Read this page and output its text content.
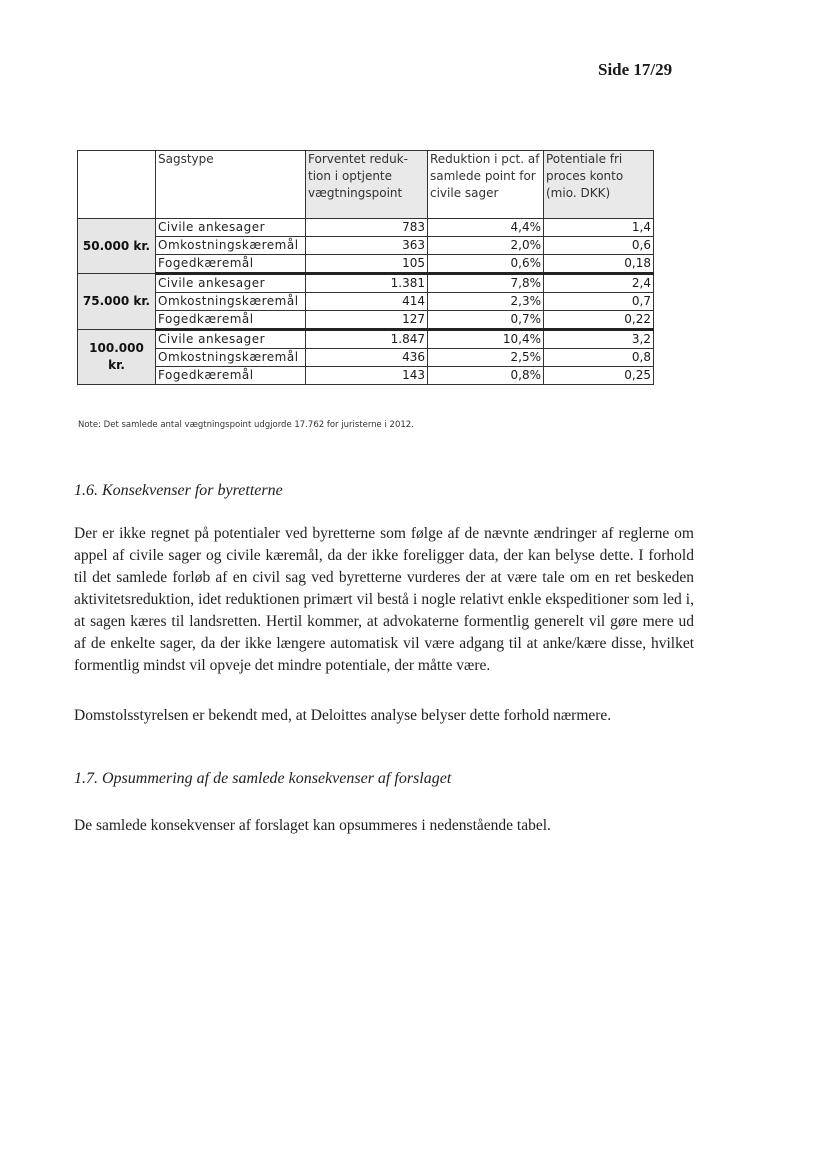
Side 17/29
	Sagstype	Forventet reduk-tion i optjente vægtningspoint	Reduktion i pct. af samlede point for civile sager	Potentiale fri proces konto (mio. DKK)
50.000 kr.	Civile ankesager	783	4,4%	1,4
	Omkostningskæremål	363	2,0%	0,6
	Fogedkæremål	105	0,6%	0,18
75.000 kr.	Civile ankesager	1.381	7,8%	2,4
	Omkostningskæremål	414	2,3%	0,7
	Fogedkæremål	127	0,7%	0,22
100.000 kr.	Civile ankesager	1.847	10,4%	3,2
	Omkostningskæremål	436	2,5%	0,8
	Fogedkæremål	143	0,8%	0,25
Note: Det samlede antal vægtningspoint udgjorde 17.762 for juristerne i 2012.
1.6. Konsekvenser for byretterne
Der er ikke regnet på potentialer ved byretterne som følge af de nævnte ændringer af reglerne om appel af civile sager og civile kæremål, da der ikke foreligger data, der kan belyse dette. I forhold til det samlede forløb af en civil sag ved byretterne vurderes der at være tale om en ret beskeden aktivitetsreduktion, idet reduktionen primært vil bestå i nogle relativt enkle ekspeditioner som led i, at sagen kæres til landsretten. Hertil kommer, at advokaterne formentlig generelt vil gøre mere ud af de enkelte sager, da der ikke længere automatisk vil være adgang til at anke/kære disse, hvilket formentlig mindst vil opveje det mindre potentiale, der måtte være.
Domstolsstyrelsen er bekendt med, at Deloittes analyse belyser dette forhold nærmere.
1.7. Opsummering af de samlede konsekvenser af forslaget
De samlede konsekvenser af forslaget kan opsummeres i nedenstående tabel.
